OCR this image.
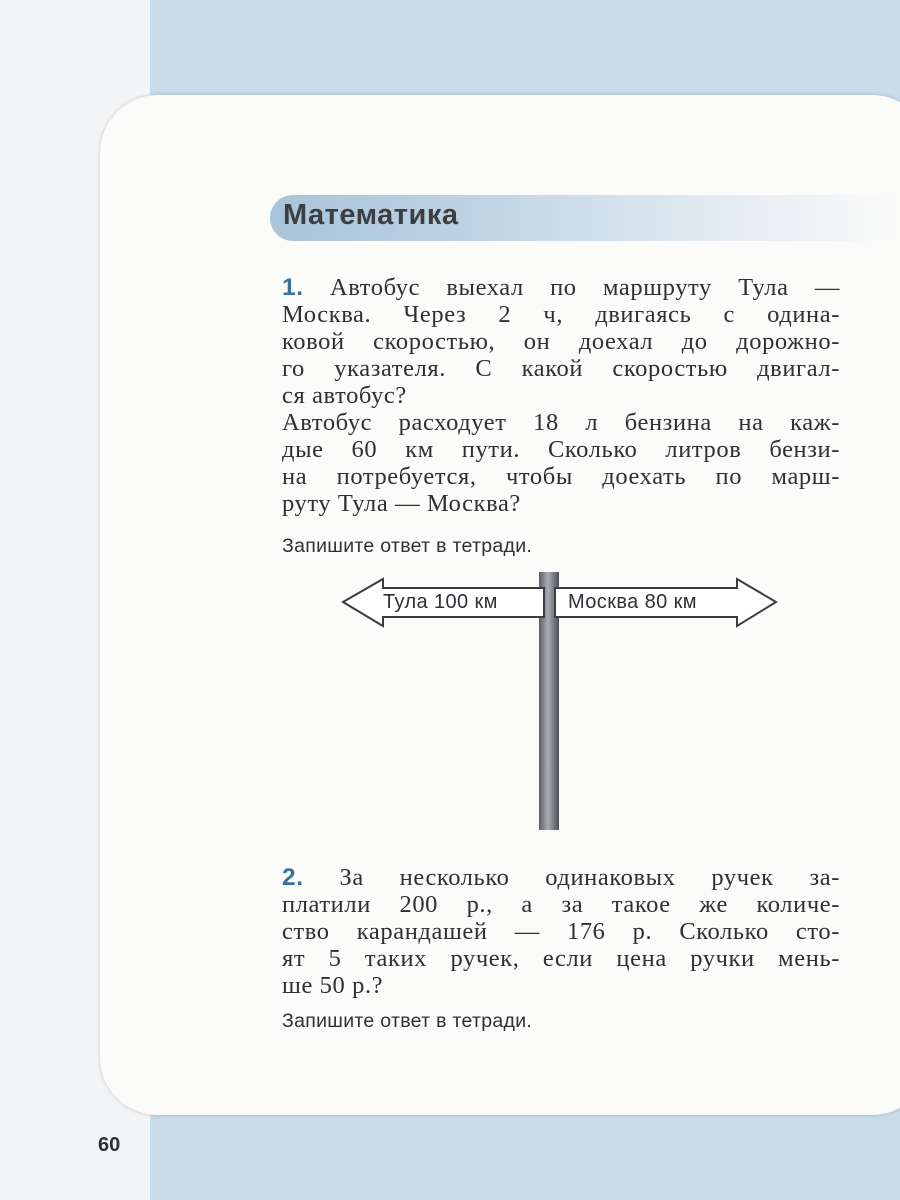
Математика
1. Автобус выехал по маршруту Тула —
Москва. Через 2 ч, двигаясь с одина-
ковой скоростью, он доехал до дорожно-
го указателя. С какой скоростью двигал-
ся автобус?
Автобус расходует 18 л бензина на каж-
дые 60 км пути. Сколько литров бензи-
на потребуется, чтобы доехать по марш-
руту Тула — Москва?
Запишите ответ в тетради.
Тула 100 км	Москва 80 км
2. За несколько одинаковых ручек за-
платили 200 р., а за такое же количе-
ство карандашей — 176 р. Сколько сто-
ят 5 таких ручек, если цена ручки мень-
ше 50 р.?
Запишите ответ в тетради.
60
